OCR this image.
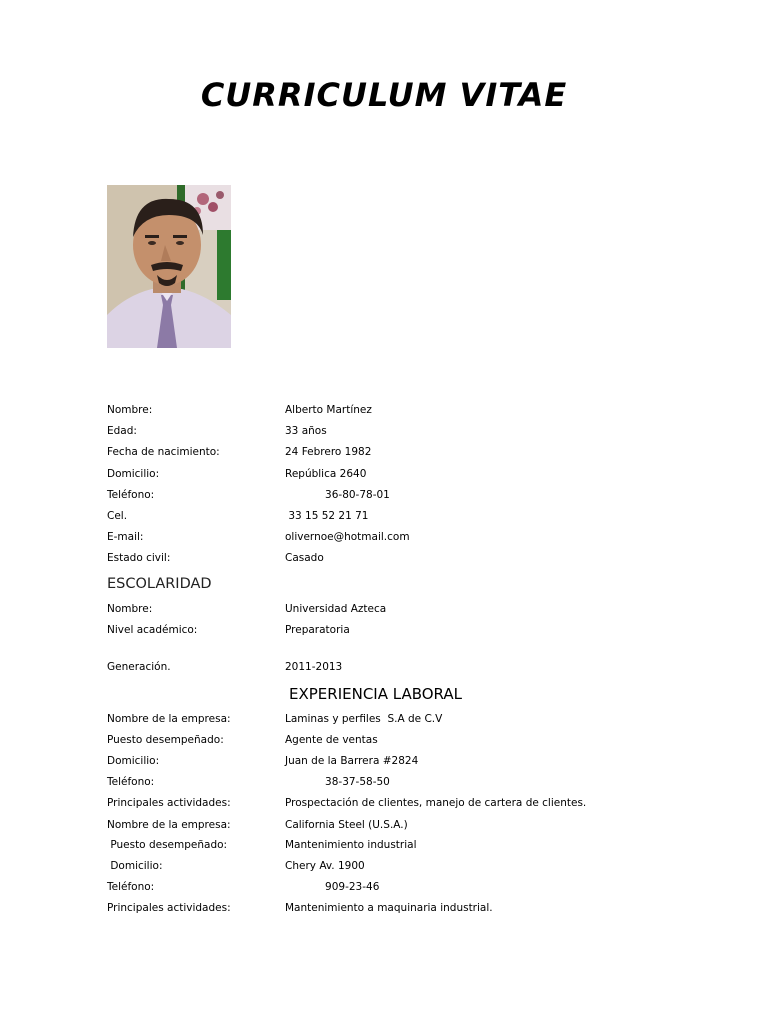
CURRICULUM VITAE
Nombre:	Alberto Martínez
Edad:	33 años
Fecha de nacimiento:	24 Febrero 1982
Domicilio:	República 2640
Teléfono:	36-80-78-01
Cel.	33 15 52 21 71
E-mail:	olivernoe@hotmail.com
Estado civil:	Casado
ESCOLARIDAD
Nombre:	Universidad Azteca
Nivel académico:	Preparatoria
Generación.	2011-2013
EXPERIENCIA LABORAL
Nombre de la empresa:	Laminas y perfiles  S.A de C.V
Puesto desempeñado:	Agente de ventas
Domicilio:	Juan de la Barrera #2824
Teléfono:	38-37-58-50
Principales actividades:	Prospectación de clientes, manejo de cartera de clientes.
Nombre de la empresa:	California Steel (U.S.A.)
Puesto desempeñado:	Mantenimiento industrial
Domicilio:	Chery Av. 1900
Teléfono:	909-23-46
Principales actividades:	Mantenimiento a maquinaria industrial.
